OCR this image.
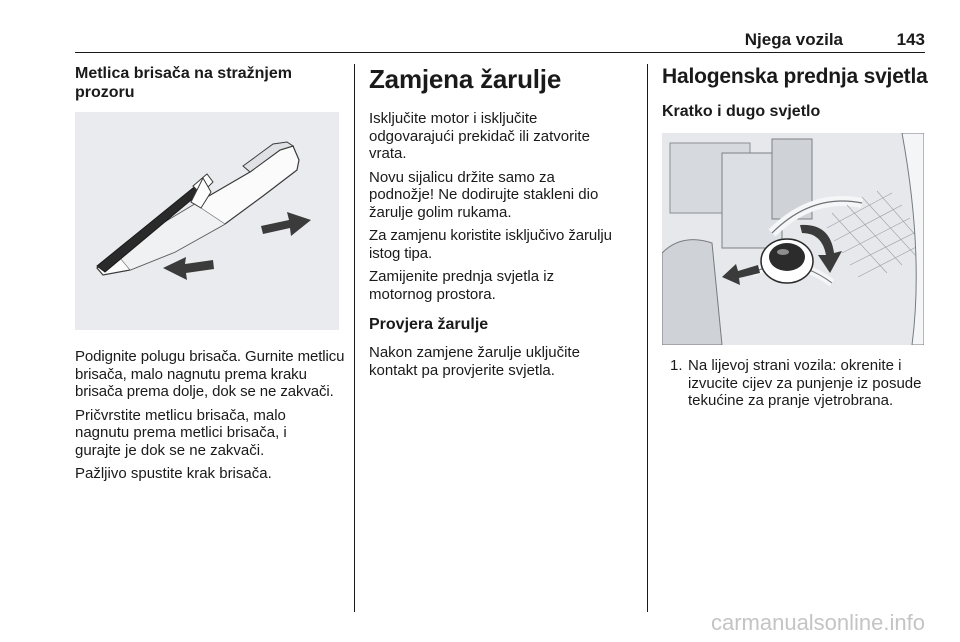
Njega vozila	143
Metlica brisača na stražnjem prozoru

Podignite polugu brisača. Gurnite metlicu brisača, malo nagnutu prema kraku brisača prema dolje, dok se ne zakvači.

Pričvrstite metlicu brisača, malo nagnutu prema metlici brisača, i gurajte je dok se ne zakvači.

Pažljivo spustite krak brisača.

Zamjena žarulje

Isključite motor i isključite odgovarajući prekidač ili zatvorite vrata.

Novu sijalicu držite samo za podnožje! Ne dodirujte stakleni dio žarulje golim rukama.

Za zamjenu koristite isključivo žarulju istog tipa.

Zamijenite prednja svjetla iz motornog prostora.

Provjera žarulje

Nakon zamjene žarulje uključite kontakt pa provjerite svjetla.

Halogenska prednja svjetla
Kratko i dugo svjetlo
1. Na lijevoj strani vozila: okrenite i izvucite cijev za punjenje iz posude tekućine za pranje vjetrobrana.
carmanualsonline.info
